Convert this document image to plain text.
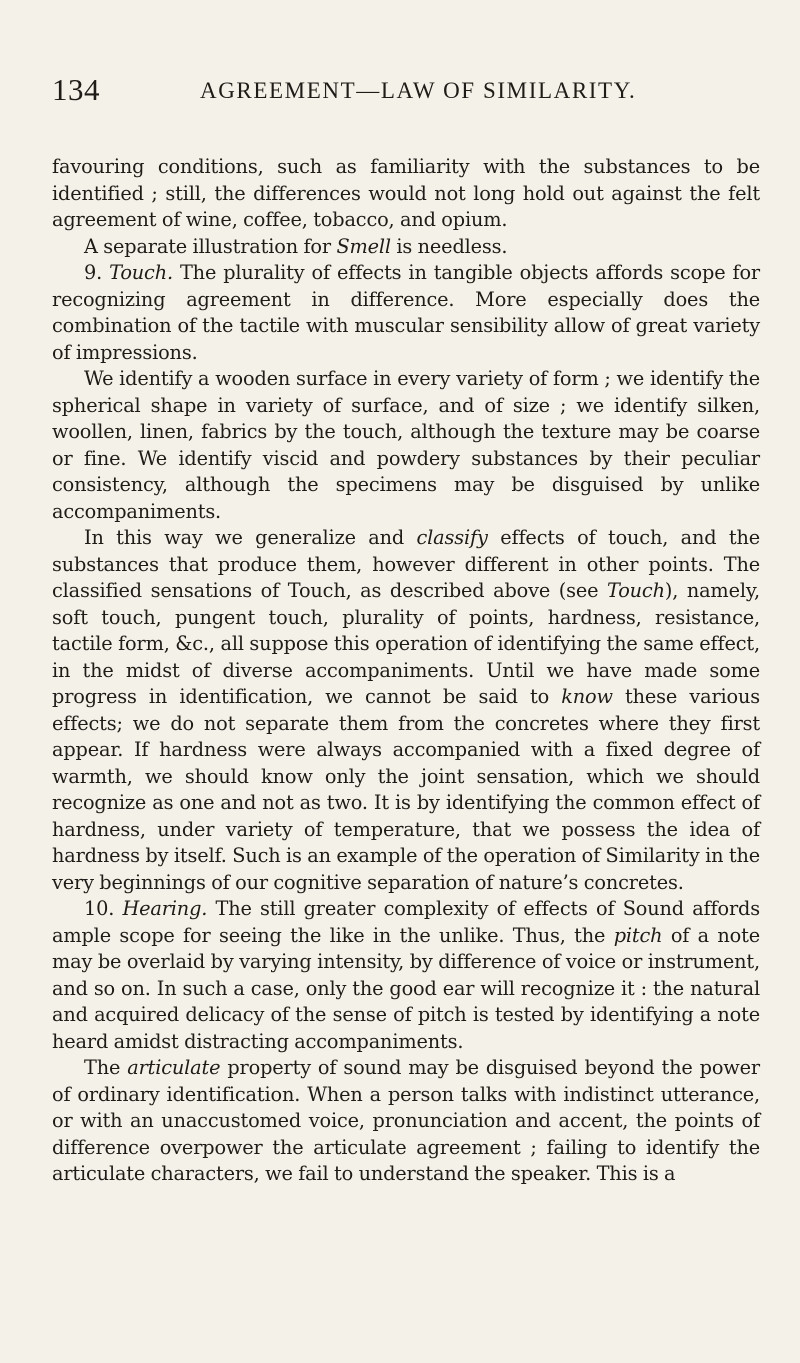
134	AGREEMENT—LAW OF SIMILARITY.

favouring conditions, such as familiarity with the substances to be identified ; still, the differences would not long hold out against the felt agreement of wine, coffee, tobacco, and opium.

A separate illustration for Smell is needless.

9. Touch. The plurality of effects in tangible objects affords scope for recognizing agreement in difference. More especially does the combination of the tactile with muscular sensibility allow of great variety of impressions.

We identify a wooden surface in every variety of form ; we identify the spherical shape in variety of surface, and of size ; we identify silken, woollen, linen, fabrics by the touch, although the texture may be coarse or fine. We identify viscid and powdery substances by their peculiar consistency, although the specimens may be disguised by unlike accompaniments.

In this way we generalize and classify effects of touch, and the substances that produce them, however different in other points. The classified sensations of Touch, as described above (see Touch), namely, soft touch, pungent touch, plurality of points, hardness, resistance, tactile form, &c., all suppose this operation of identifying the same effect, in the midst of diverse accompaniments. Until we have made some progress in identification, we cannot be said to know these various effects; we do not separate them from the concretes where they first appear. If hardness were always accompanied with a fixed degree of warmth, we should know only the joint sensation, which we should recognize as one and not as two. It is by identifying the common effect of hardness, under variety of temperature, that we possess the idea of hardness by itself. Such is an example of the operation of Similarity in the very beginnings of our cognitive separation of nature’s concretes.

10. Hearing. The still greater complexity of effects of Sound affords ample scope for seeing the like in the unlike. Thus, the pitch of a note may be overlaid by varying intensity, by difference of voice or instrument, and so on. In such a case, only the good ear will recognize it : the natural and acquired delicacy of the sense of pitch is tested by identifying a note heard amidst distracting accompaniments.

The articulate property of sound may be disguised beyond the power of ordinary identification. When a person talks with indistinct utterance, or with an unaccustomed voice, pronunciation and accent, the points of difference overpower the articulate agreement ; failing to identify the articulate characters, we fail to understand the speaker. This is a
